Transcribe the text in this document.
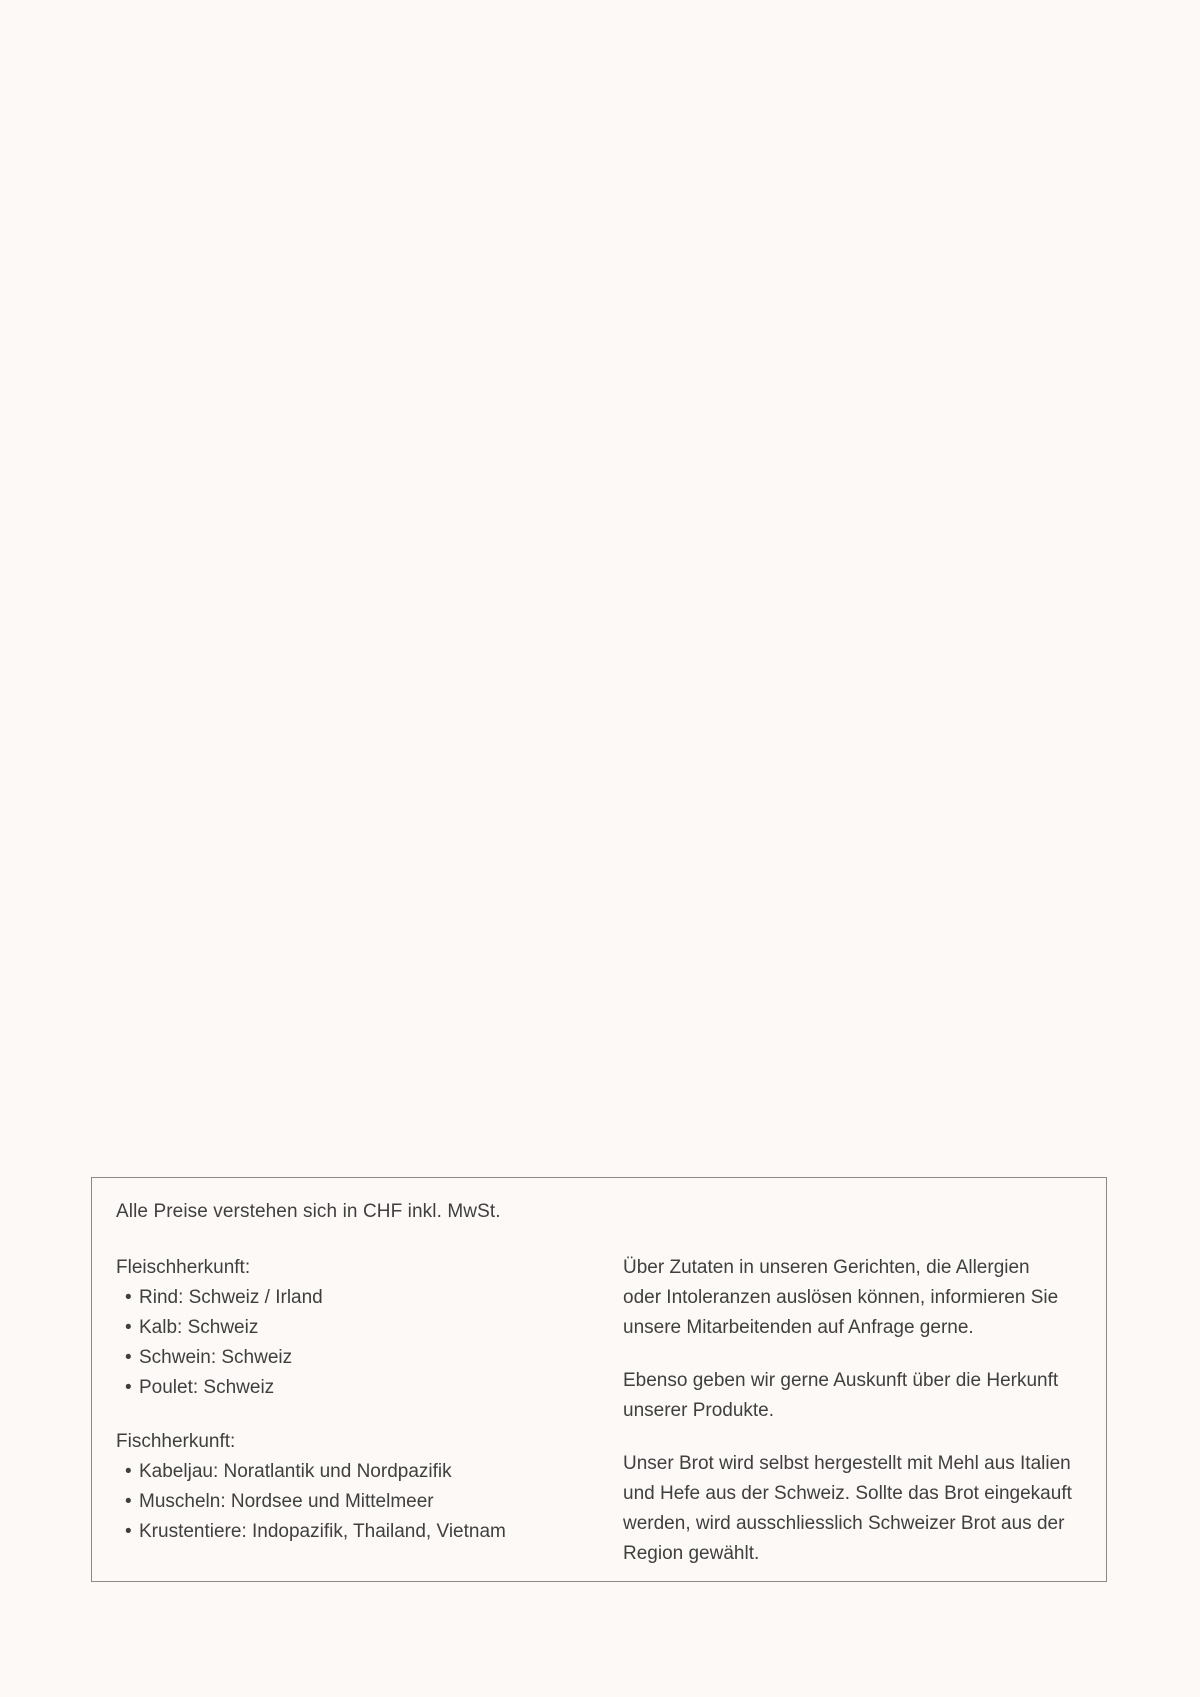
Alle Preise verstehen sich in CHF inkl. MwSt.
Fleischherkunft:
• Rind: Schweiz / Irland
• Kalb: Schweiz
• Schwein: Schweiz
• Poulet: Schweiz
Fischherkunft:
• Kabeljau: Noratlantik und Nordpazifik
• Muscheln: Nordsee und Mittelmeer
• Krustentiere: Indopazifik, Thailand, Vietnam
Über Zutaten in unseren Gerichten, die Allergien
oder Intoleranzen auslösen können, informieren Sie
unsere Mitarbeitenden auf Anfrage gerne.
Ebenso geben wir gerne Auskunft über die Herkunft
unserer Produkte.
Unser Brot wird selbst hergestellt mit Mehl aus Italien
und Hefe aus der Schweiz. Sollte das Brot eingekauft
werden, wird ausschliesslich Schweizer Brot aus der
Region gewählt.
